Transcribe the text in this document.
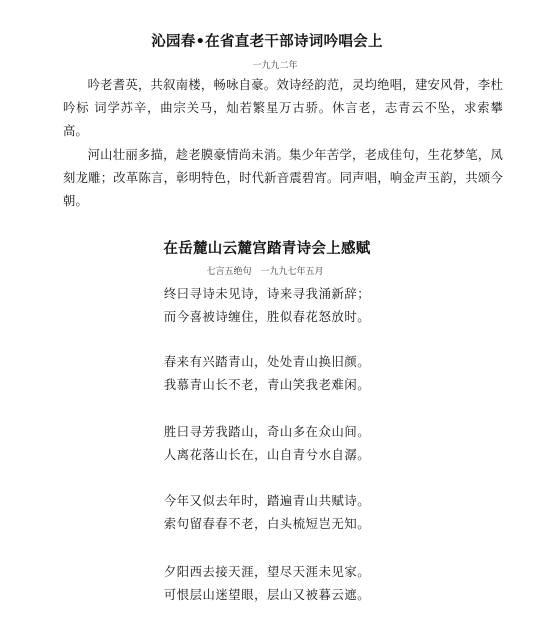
沁园春•在省直老干部诗词吟唱会上
一九九二年

吟老耆英，共叙南楼，畅咏自豪。效诗经韵范，灵均绝唱，建安风骨，李杜吟标 词学苏辛，曲宗关马，灿若繁星万古骄。休言老，志青云不坠，求索攀高。

河山壮丽多描，趁老膜豪情尚未消。集少年苦学，老成佳句，生花梦笔，凤刻龙雕；改革陈言，彰明特色，时代新音震碧宵。同声唱，响金声玉韵，共颂今朝。

在岳麓山云麓宫踏青诗会上感赋
七言五绝句　一九九七年五月
终曰寻诗未见诗，诗来寻我涌新辞；
而今喜被诗缠住，胜似春花怒放时。
春来有兴踏青山，处处青山换旧颜。
我慕青山长不老，青山笑我老难闲。
胜曰寻芳我踏山，奇山多在众山间。
人离花落山长在，山自青兮水自潺。
今年又似去年时，踏遍青山共赋诗。
索句留春春不老，白头梳短岂无知。
夕阳西去接天涯，望尽天涯未见家。
可恨层山迷望眼，层山又被暮云遮。
